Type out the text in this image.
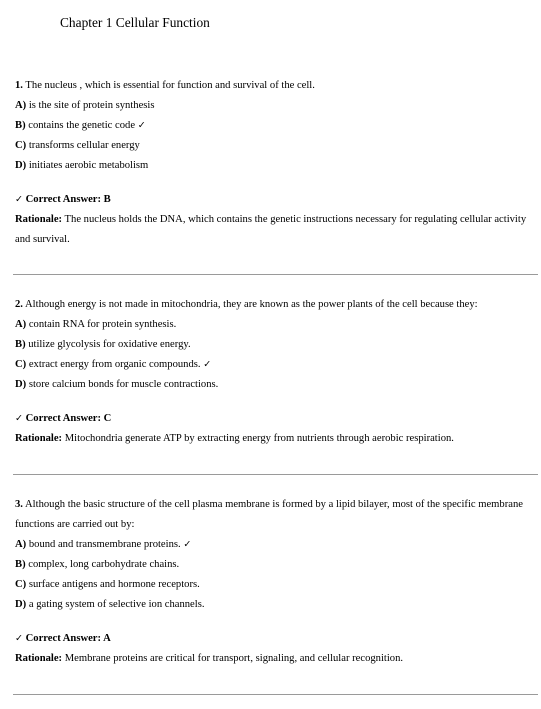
Chapter 1 Cellular Function

1. The nucleus , which is essential for function and survival of the cell.

A) is the site of protein synthesis

B) contains the genetic code ✓

C) transforms cellular energy

D) initiates aerobic metabolism

✓ Correct Answer: B

Rationale: The nucleus holds the DNA, which contains the genetic instructions necessary for regulating cellular activity and survival.

2. Although energy is not made in mitochondria, they are known as the power plants of the cell because they:

A) contain RNA for protein synthesis.

B) utilize glycolysis for oxidative energy.

C) extract energy from organic compounds. ✓

D) store calcium bonds for muscle contractions.

✓ Correct Answer: C

Rationale: Mitochondria generate ATP by extracting energy from nutrients through aerobic respiration.

3. Although the basic structure of the cell plasma membrane is formed by a lipid bilayer, most of the specific membrane functions are carried out by:

A) bound and transmembrane proteins. ✓

B) complex, long carbohydrate chains.

C) surface antigens and hormone receptors.

D) a gating system of selective ion channels.

✓ Correct Answer: A

Rationale: Membrane proteins are critical for transport, signaling, and cellular recognition.
